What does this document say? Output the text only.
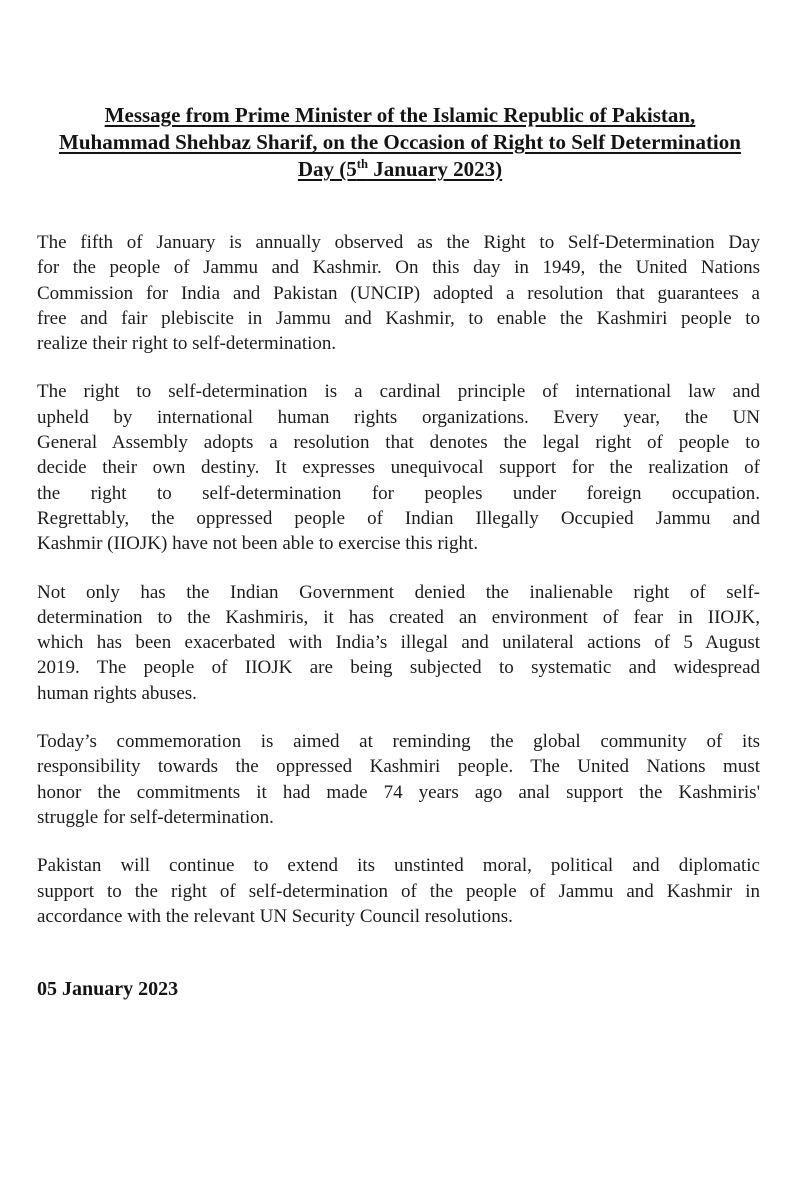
Message from Prime Minister of the Islamic Republic of Pakistan,
Muhammad Shehbaz Sharif, on the Occasion of Right to Self Determination
Day (5th January 2023)

The fifth of January is annually observed as the Right to Self-Determination Day
for the people of Jammu and Kashmir. On this day in 1949, the United Nations
Commission for India and Pakistan (UNCIP) adopted a resolution that guarantees a
free and fair plebiscite in Jammu and Kashmir, to enable the Kashmiri people to
realize their right to self-determination.

The right to self-determination is a cardinal principle of international law and
upheld by international human rights organizations. Every year, the UN
General Assembly adopts a resolution that denotes the legal right of people to
decide their own destiny. It expresses unequivocal support for the realization of
the right to self-determination for peoples under foreign occupation.
Regrettably, the oppressed people of Indian Illegally Occupied Jammu and
Kashmir (IIOJK) have not been able to exercise this right.

Not only has the Indian Government denied the inalienable right of self-
determination to the Kashmiris, it has created an environment of fear in IIOJK,
which has been exacerbated with India’s illegal and unilateral actions of 5 August
2019. The people of IIOJK are being subjected to systematic and widespread
human rights abuses.

Today’s commemoration is aimed at reminding the global community of its
responsibility towards the oppressed Kashmiri people. The United Nations must
honor the commitments it had made 74 years ago anal support the Kashmiris'
struggle for self-determination.

Pakistan will continue to extend its unstinted moral, political and diplomatic
support to the right of self-determination of the people of Jammu and Kashmir in
accordance with the relevant UN Security Council resolutions.

05 January 2023
